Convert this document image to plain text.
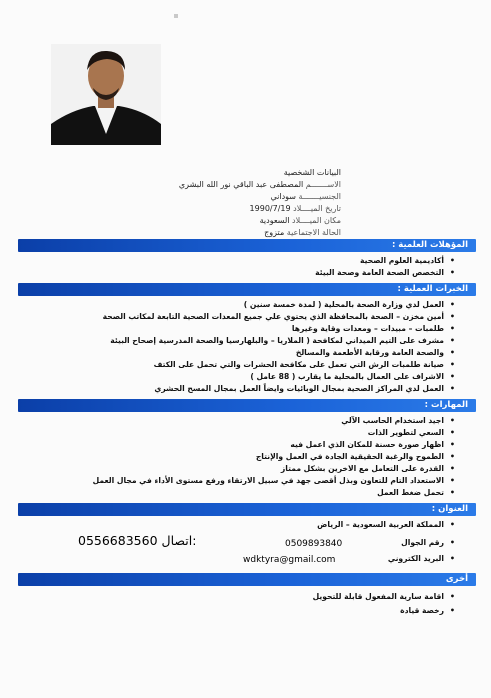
البيانات الشخصية
الاســـــــم المصطفى عبد الباقي نور الله البشري
الجنسيـــــــة سوداني
تاريخ الميــــلاد 1990/7/19
مكان الميــــلاد السعودية
الحالة الاجتماعية متزوج
المؤهلات العلمية :
• أكاديمية العلوم الصحية
• التخصص الصحة العامة وصحة البيئة
الخبرات العملية :
• العمل لدي وزارة الصحة بالمحلية ( لمدة خمسة سنين )
• أمين مخزن – الصحة بالمحافظة الذي يحتوي علي جميع المعدات الصحية التابعة لمكاتب الصحة
• طلمبات – مبيدات – ومعدات وقاية وغيرها
• مشرف على التيم الميداني لمكافحة ( الملاريا – والبلهارسيا والصحة المدرسية إصحاح البيئة
• والصحة العامة ورقابة الأطعمة والمسالخ
• صيانة طلمبات الرش التي تعمل على مكافحة الحشرات والتي تحمل على الكتف
• الاشراف على العمال بالمحلية ما يقارب ( 88 عامل )
• العمل لدي المراكز الصحية بمجال الوبائيات وايضاً العمل بمجال المسح الحشري
المهارات :
• اجيد استخدام الحاسب الآلي
• السعي لتطوير الذات
• اظهار صورة حسنة للمكان الذي اعمل فيه
• الطموح والرغبة الحقيقية الجادة في العمل والإنتاج
• القدرة على التعامل مع الاخرين بشكل ممتاز
• الاستعداد التام للتعاون وبذل أقصى جهد في سبيل الارتقاء ورفع مستوى الأداء في مجال العمل
• تحمل ضغط العمل
العنوان :
• المملكة العربية السعودية – الرياض
0556683560 اتصال:	0509893840	• رقم الجوال
wdktyra@gmail.com	• البريد الكتروني
أخرى
• اقامة سارية المفعول قابلة للتحويل
• رخصة قيادة
